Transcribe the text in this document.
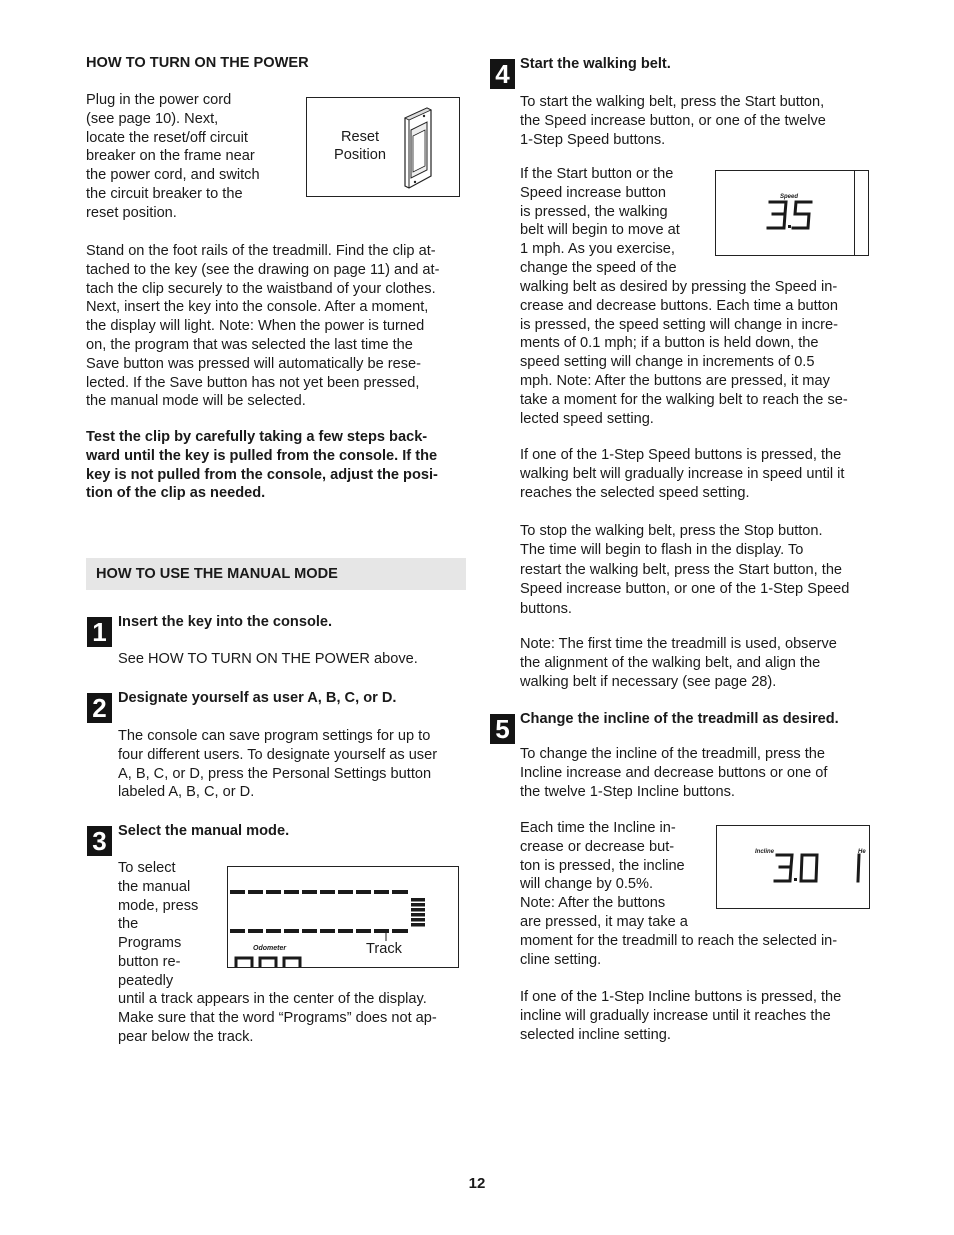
HOW TO TURN ON THE POWER
Plug in the power cord
(see page 10). Next,
locate the reset/off circuit
breaker on the frame near
the power cord, and switch
the circuit breaker to the
reset position.
Reset
Position
Stand on the foot rails of the treadmill. Find the clip at-
tached to the key (see the drawing on page 11) and at-
tach the clip securely to the waistband of your clothes.
Next, insert the key into the console. After a moment,
the display will light. Note: When the power is turned
on, the program that was selected the last time the
Save button was pressed will automatically be rese-
lected. If the Save button has not yet been pressed,
the manual mode will be selected.
Test the clip by carefully taking a few steps back-
ward until the key is pulled from the console. If the
key is not pulled from the console, adjust the posi-
tion of the clip as needed.
HOW TO USE THE MANUAL MODE
1 Insert the key into the console.
See HOW TO TURN ON THE POWER above.
2 Designate yourself as user A, B, C, or D.
The console can save program settings for up to
four different users. To designate yourself as user
A, B, C, or D, press the Personal Settings button
labeled A, B, C, or D.
3 Select the manual mode.
To select
the manual
mode, press
the
Programs
button re-
peatedly
Odometer	Track
until a track appears in the center of the display.
Make sure that the word “Programs” does not ap-
pear below the track.
4 Start the walking belt.
To start the walking belt, press the Start button,
the Speed increase button, or one of the twelve
1-Step Speed buttons.
If the Start button or the
Speed increase button
is pressed, the walking
belt will begin to move at
1 mph. As you exercise,
change the speed of the
Speed
walking belt as desired by pressing the Speed in-
crease and decrease buttons. Each time a button
is pressed, the speed setting will change in incre-
ments of 0.1 mph; if a button is held down, the
speed setting will change in increments of 0.5
mph. Note: After the buttons are pressed, it may
take a moment for the walking belt to reach the se-
lected speed setting.
If one of the 1-Step Speed buttons is pressed, the
walking belt will gradually increase in speed until it
reaches the selected speed setting.
To stop the walking belt, press the Stop button.
The time will begin to flash in the display. To
restart the walking belt, press the Start button, the
Speed increase button, or one of the 1-Step Speed
buttons.
Note: The first time the treadmill is used, observe
the alignment of the walking belt, and align the
walking belt if necessary (see page 28).
5 Change the incline of the treadmill as desired.
To change the incline of the treadmill, press the
Incline increase and decrease buttons or one of
the twelve 1-Step Incline buttons.
Each time the Incline in-
crease or decrease but-
ton is pressed, the incline
will change by 0.5%.
Note: After the buttons
are pressed, it may take a
Incline	He
moment for the treadmill to reach the selected in-
cline setting.
If one of the 1-Step Incline buttons is pressed, the
incline will gradually increase until it reaches the
selected incline setting.
12
